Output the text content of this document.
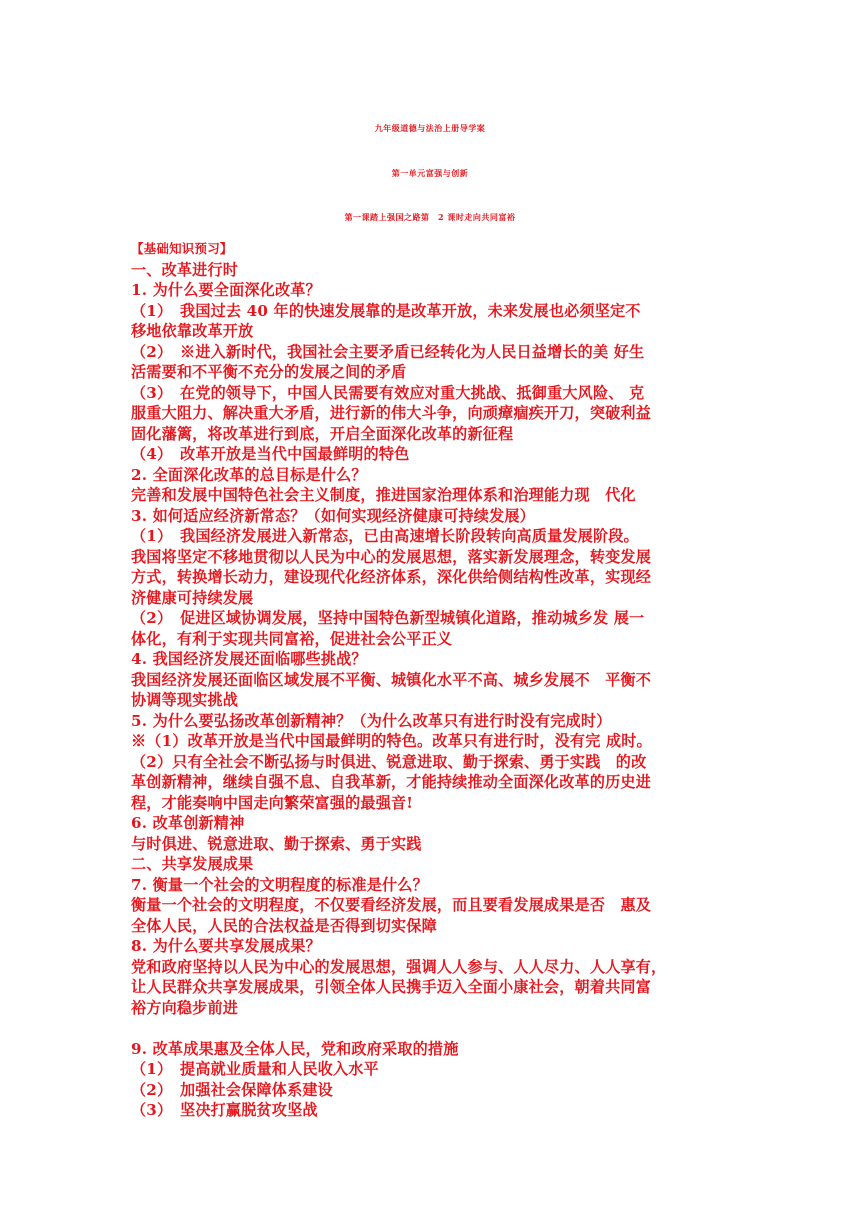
九年级道德与法治上册导学案
第一单元富强与创新
第一课踏上强国之路第　2 课时走向共同富裕
【基础知识预习】
一、改革进行时
1. 为什么要全面深化改革？
（1）　我国过去 40 年的快速发展靠的是改革开放，未来发展也必须坚定不
移地依靠改革开放
（2）　※进入新时代，我国社会主要矛盾已经转化为人民日益增长的美 好生
活需要和不平衡不充分的发展之间的矛盾
（3）　在党的领导下，中国人民需要有效应对重大挑战、抵御重大风险、 克
服重大阻力、解决重大矛盾，进行新的伟大斗争，向顽瘴痼疾开刀，突破利益
固化藩篱，将改革进行到底，开启全面深化改革的新征程
（4）　改革开放是当代中国最鲜明的特色
2. 全面深化改革的总目标是什么？
完善和发展中国特色社会主义制度，推进国家治理体系和治理能力现　代化
3. 如何适应经济新常态？（如何实现经济健康可持续发展）
（1）　我国经济发展进入新常态，已由高速增长阶段转向高质量发展阶段。
我国将坚定不移地贯彻以人民为中心的发展思想，落实新发展理念，转变发展
方式，转换增长动力，建设现代化经济体系，深化供给侧结构性改革，实现经
济健康可持续发展
（2）　促进区域协调发展，坚持中国特色新型城镇化道路，推动城乡发 展一
体化，有利于实现共同富裕，促进社会公平正义
4. 我国经济发展还面临哪些挑战？
我国经济发展还面临区域发展不平衡、城镇化水平不高、城乡发展不　平衡不
协调等现实挑战
5. 为什么要弘扬改革创新精神？（为什么改革只有进行时没有完成时）
※（1）改革开放是当代中国最鲜明的特色。改革只有进行时，没有完 成时。
（2）只有全社会不断弘扬与时俱进、锐意进取、勤于探索、勇于实践　的改
革创新精神，继续自强不息、自我革新，才能持续推动全面深化改革的历史进
程，才能奏响中国走向繁荣富强的最强音!
6. 改革创新精神
与时俱进、锐意进取、勤于探索、勇于实践
二、共享发展成果
7. 衡量一个社会的文明程度的标准是什么？
衡量一个社会的文明程度，不仅要看经济发展，而且要看发展成果是否　惠及
全体人民，人民的合法权益是否得到切实保障
8. 为什么要共享发展成果？
党和政府坚持以人民为中心的发展思想，强调人人参与、人人尽力、人人享有，
让人民群众共享发展成果，引领全体人民携手迈入全面小康社会，朝着共同富
裕方向稳步前进
9. 改革成果惠及全体人民，党和政府采取的措施
（1）　提高就业质量和人民收入水平
（2）　加强社会保障体系建设
（3）　坚决打赢脱贫攻坚战
